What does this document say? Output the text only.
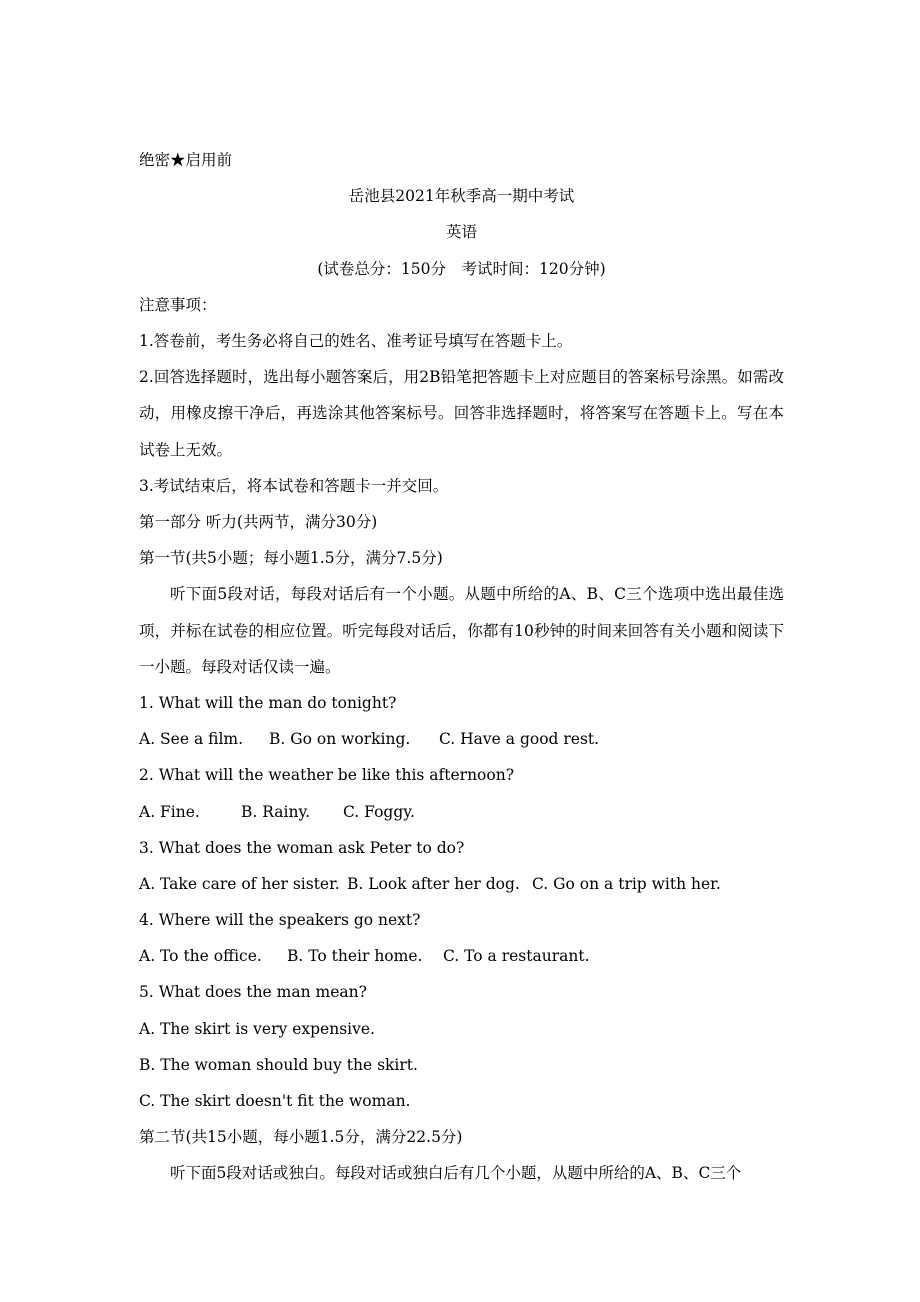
绝密★启用前
岳池县2021年秋季高一期中考试
英语
(试卷总分：150分　考试时间：120分钟)
注意事项：
1.答卷前，考生务必将自己的姓名、准考证号填写在答题卡上。
2.回答选择题时，选出每小题答案后，用2B铅笔把答题卡上对应题目的答案标号涂黑。如需改动，用橡皮擦干净后，再选涂其他答案标号。回答非选择题时，将答案写在答题卡上。写在本试卷上无效。
3.考试结束后，将本试卷和答题卡一并交回。
第一部分 听力(共两节，满分30分)
第一节(共5小题；每小题1.5分，满分7.5分)
听下面5段对话，每段对话后有一个小题。从题中所给的A、B、C三个选项中选出最佳选项，并标在试卷的相应位置。听完每段对话后，你都有10秒钟的时间来回答有关小题和阅读下一小题。每段对话仅读一遍。
1. What will the man do tonight?
A. See a film. B. Go on working. C. Have a good rest.
2. What will the weather be like this afternoon?
A. Fine.	B. Rainy. C. Foggy.
3. What does the woman ask Peter to do?
A. Take care of her sister. B. Look after her dog. C. Go on a trip with her.
4. Where will the speakers go next?
A. To the office. B. To their home. C. To a restaurant.
5. What does the man mean?
A. The skirt is very expensive.
B. The woman should buy the skirt.
C. The skirt doesn't fit the woman.
第二节(共15小题，每小题1.5分，满分22.5分)
听下面5段对话或独白。每段对话或独白后有几个小题，从题中所给的A、B、C三个
